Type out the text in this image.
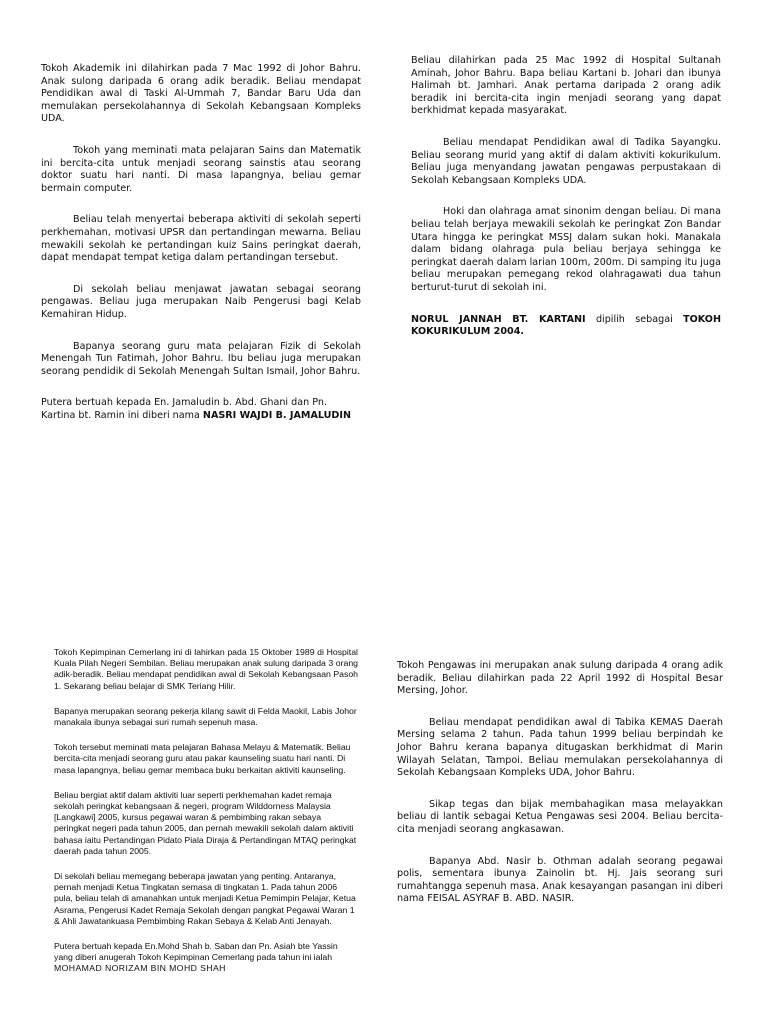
Tokoh Akademik ini dilahirkan pada 7 Mac 1992 di Johor Bahru. Anak sulong daripada 6 orang adik beradik. Beliau mendapat Pendidikan awal di Taski Al-Ummah 7, Bandar Baru Uda dan memulakan persekolahannya di Sekolah Kebangsaan Kompleks UDA.

Tokoh yang meminati mata pelajaran Sains dan Matematik ini bercita-cita untuk menjadi seorang sainstis atau seorang doktor suatu hari nanti. Di masa lapangnya, beliau gemar bermain computer.

Beliau telah menyertai beberapa aktiviti di sekolah seperti perkhemahan, motivasi UPSR dan pertandingan mewarna. Beliau mewakili sekolah ke pertandingan kuiz Sains peringkat daerah, dapat mendapat tempat ketiga dalam pertandingan tersebut.

Di sekolah beliau menjawat jawatan sebagai seorang pengawas. Beliau juga merupakan Naib Pengerusi bagi Kelab Kemahiran Hidup.

Bapanya seorang guru mata pelajaran Fizik di Sekolah Menengah Tun Fatimah, Johor Bahru. Ibu beliau juga merupakan seorang pendidik di Sekolah Menengah Sultan Ismail, Johor Bahru.

Putera bertuah kepada En. Jamaludin b. Abd. Ghani dan Pn. Kartina bt. Ramin ini diberi nama NASRI WAJDI B. JAMALUDIN

Beliau dilahirkan pada 25 Mac 1992 di Hospital Sultanah Aminah, Johor Bahru. Bapa beliau Kartani b. Johari dan ibunya Halimah bt. Jamhari. Anak pertama daripada 2 orang adik beradik ini bercita-cita ingin menjadi seorang yang dapat berkhidmat kepada masyarakat.

Beliau mendapat Pendidikan awal di Tadika Sayangku. Beliau seorang murid yang aktif di dalam aktiviti kokurikulum. Beliau juga menyandang jawatan pengawas perpustakaan di Sekolah Kebangsaan Kompleks UDA.

Hoki dan olahraga amat sinonim dengan beliau. Di mana beliau telah berjaya mewakili sekolah ke peringkat Zon Bandar Utara hingga ke peringkat MSSJ dalam sukan hoki. Manakala dalam bidang olahraga pula beliau berjaya sehingga ke peringkat daerah dalam larian 100m, 200m. Di samping itu juga beliau merupakan pemegang rekod olahragawati dua tahun berturut-turut di sekolah ini.

NORUL JANNAH BT. KARTANI dipilih sebagai TOKOH KOKURIKULUM 2004.

Tokoh Kepimpinan Cemerlang ini di lahirkan pada 15 Oktober 1989 di Hospital Kuala Pilah Negeri Sembilan. Beliau merupakan anak sulung daripada 3 orang adik-beradik. Beliau mendapat pendidikan awal di Sekolah Kebangsaan Pasoh 1. Sekarang beliau belajar di SMK Teriang Hilir.

Bapanya merupakan seorang pekerja kilang sawit di Felda Maokil, Labis Johor manakala ibunya sebagai suri rumah sepenuh masa.

Tokoh tersebut meminati mata pelajaran Bahasa Melayu & Matematik. Beliau bercita-cita menjadi seorang guru atau pakar kaunseling suatu hari nanti. Di masa lapangnya, beliau gemar membaca buku berkaitan aktiviti kaunseling.

Beliau bergiat aktif dalam aktiviti luar seperti perkhemahan kadet remaja sekolah peringkat kebangsaan & negeri, program Wilddorness Malaysia [Langkawi] 2005, kursus pegawai waran & pembimbing rakan sebaya peringkat negeri pada tahun 2005, dan pernah mewakili sekolah dalam aktiviti bahasa iaitu Pertandingan Pidato Piala Diraja & Pertandingan MTAQ peringkat daerah pada tahun 2005.

Di sekolah beliau memegang beberapa jawatan yang penting. Antaranya, pernah menjadi Ketua Tingkatan semasa di tingkatan 1. Pada tahun 2006 pula, beliau telah di amanahkan untuk menjadi Ketua Pemimpin Pelajar, Ketua Asrama, Pengerusi Kadet Remaja Sekolah dengan pangkat Pegawai Waran 1 & Ahli Jawatankuasa Pembimbing Rakan Sebaya & Kelab Anti Jenayah.

Putera bertuah kepada En.Mohd Shah b. Saban dan Pn. Asiah bte Yassin yang diberi anugerah Tokoh Kepimpinan Cemerlang pada tahun ini ialah
MOHAMAD NORIZAM BIN MOHD SHAH

Tokoh Pengawas ini merupakan anak sulung daripada 4 orang adik beradik. Beliau dilahirkan pada 22 April 1992 di Hospital Besar Mersing, Johor.

Beliau mendapat pendidikan awal di Tabika KEMAS Daerah Mersing selama 2 tahun. Pada tahun 1999 beliau berpindah ke Johor Bahru kerana bapanya ditugaskan berkhidmat di Marin Wilayah Selatan, Tampoi. Beliau memulakan persekolahannya di Sekolah Kebangsaan Kompleks UDA, Johor Bahru.

Sikap tegas dan bijak membahagikan masa melayakkan beliau di lantik sebagai Ketua Pengawas sesi 2004. Beliau bercita-cita menjadi seorang angkasawan.

Bapanya Abd. Nasir b. Othman adalah seorang pegawai polis, sementara ibunya Zainolin bt. Hj. Jais seorang suri rumahtangga sepenuh masa. Anak kesayangan pasangan ini diberi nama FEISAL ASYRAF B. ABD. NASIR.
